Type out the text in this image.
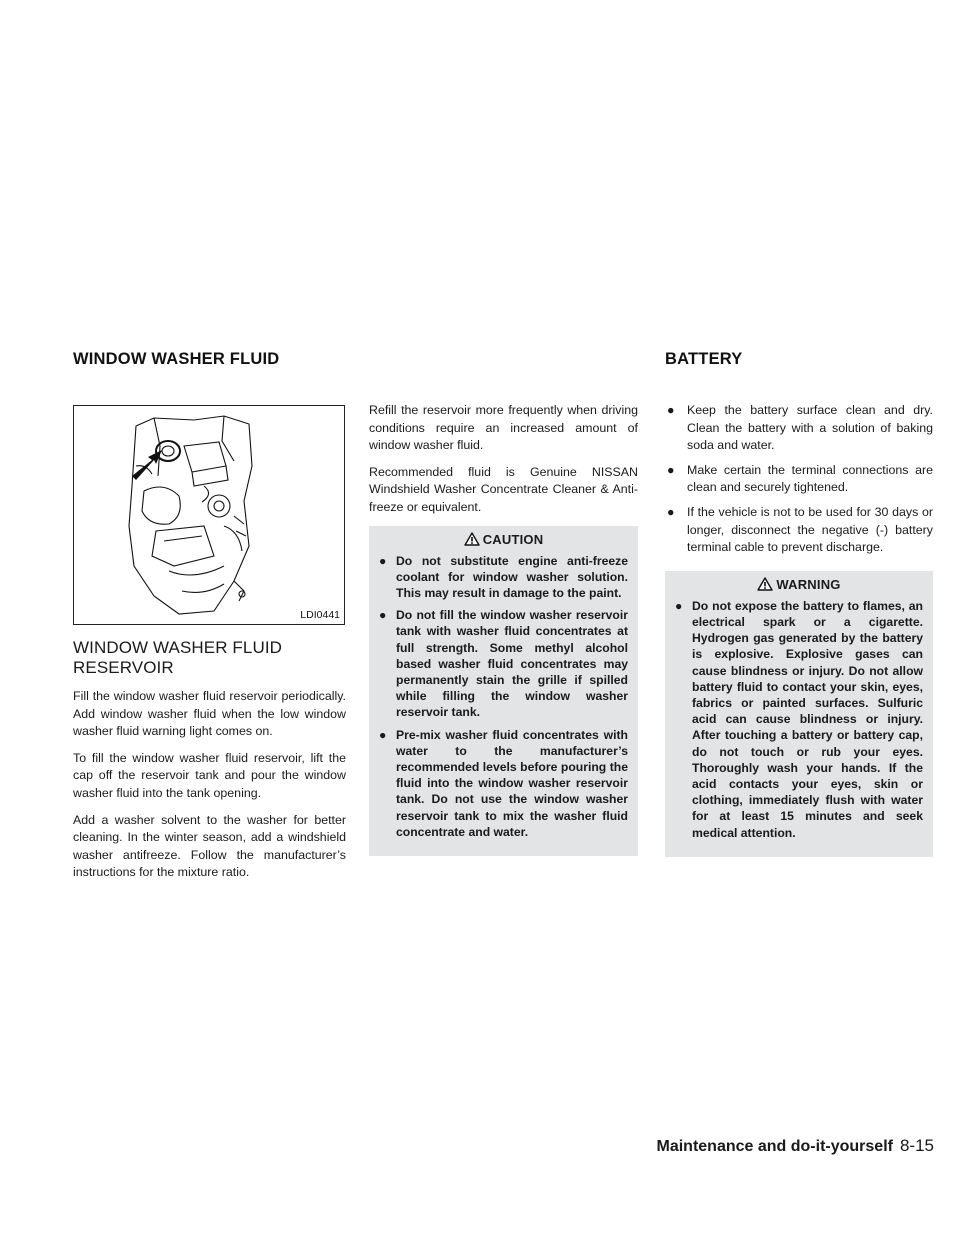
WINDOW WASHER FLUID	BATTERY
LDI0441
WINDOW WASHER FLUID RESERVOIR

Fill the window washer fluid reservoir periodically. Add window washer fluid when the low window washer fluid warning light comes on.

To fill the window washer fluid reservoir, lift the cap off the reservoir tank and pour the window washer fluid into the tank opening.

Add a washer solvent to the washer for better cleaning. In the winter season, add a windshield washer antifreeze. Follow the manufacturer’s instructions for the mixture ratio.

Refill the reservoir more frequently when driving conditions require an increased amount of window washer fluid.

Recommended fluid is Genuine NISSAN Windshield Washer Concentrate Cleaner & Anti-freeze or equivalent.

CAUTION
● Do not substitute engine anti-freeze coolant for window washer solution. This may result in damage to the paint.
● Do not fill the window washer reservoir tank with washer fluid concentrates at full strength. Some methyl alcohol based washer fluid concentrates may permanently stain the grille if spilled while filling the window washer reservoir tank.
● Pre-mix washer fluid concentrates with water to the manufacturer’s recommended levels before pouring the fluid into the window washer reservoir tank. Do not use the window washer reservoir tank to mix the washer fluid concentrate and water.
● Keep the battery surface clean and dry. Clean the battery with a solution of baking soda and water.
● Make certain the terminal connections are clean and securely tightened.
● If the vehicle is not to be used for 30 days or longer, disconnect the negative (-) battery terminal cable to prevent discharge.
WARNING
● Do not expose the battery to flames, an electrical spark or a cigarette. Hydrogen gas generated by the battery is explosive. Explosive gases can cause blindness or injury. Do not allow battery fluid to contact your skin, eyes, fabrics or painted surfaces. Sulfuric acid can cause blindness or injury. After touching a battery or battery cap, do not touch or rub your eyes. Thoroughly wash your hands. If the acid contacts your eyes, skin or clothing, immediately flush with water for at least 15 minutes and seek medical attention.
Maintenance and do-it-yourself 8-15
